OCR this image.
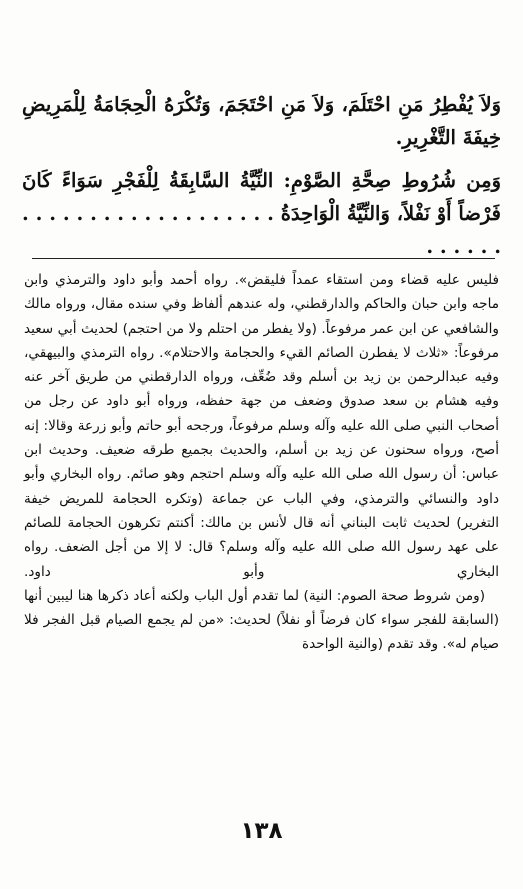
وَلاَ يُفْطِرُ مَنِ احْتَلَمَ، وَلاَ مَنِ احْتَجَمَ، وَتُكْرَهُ الْحِجَامَةُ لِلْمَرِيضِ خِيفَةَ التَّغْرِيرِ.

وَمِن شُرُوطِ صِحَّةِ الصَّوْمِ: النِّيَّةُ السَّابِقَةُ لِلْفَجْرِ سَوَاءً كَانَ فَرْضاً أَوْ نَفْلاً، وَالنِّيَّةُ الْوَاحِدَةُ . . . . . . . . . . . . . . . . . . . . . . . . .

فليس عليه قضاء ومن استقاء عمداً فليقض». رواه أحمد وأبو داود والترمذي وابن ماجه وابن حبان والحاكم والدارقطني، وله عندهم ألفاظ وفي سنده مقال، ورواه مالك والشافعي عن ابن عمر مرفوعاً. (ولا يفطر من احتلم ولا من احتجم) لحديث أبي سعيد مرفوعاً: «ثلاث لا يفطرن الصائم القيء والحجامة والاحتلام». رواه الترمذي والبيهقي، وفيه عبدالرحمن بن زيد بن أسلم وقد ضُعِّف، ورواه الدارقطني من طريق آخر عنه وفيه هشام بن سعد صدوق وضعف من جهة حفظه، ورواه أبو داود عن رجل من أصحاب النبي صلى الله عليه وآله وسلم مرفوعاً، ورجحه أبو حاتم وأبو زرعة وقالا: إنه أصح، ورواه سحنون عن زيد بن أسلم، والحديث بجميع طرقه ضعيف. وحديث ابن عباس: أن رسول الله صلى الله عليه وآله وسلم احتجم وهو صائم. رواه البخاري وأبو داود والنسائي والترمذي، وفي الباب عن جماعة (وتكره الحجامة للمريض خيفة التغرير) لحديث ثابت البناني أنه قال لأنس بن مالك: أكنتم تكرهون الحجامة للصائم على عهد رسول الله صلى الله عليه وآله وسلم؟ قال: لا إلا من أجل الضعف. رواه البخاري وأبو داود.

(ومن شروط صحة الصوم: النية) لما تقدم أول الباب ولكنه أعاد ذكرها هنا ليبين أنها (السابقة للفجر سواء كان فرضاً أو نفلاً) لحديث: «من لم يجمع الصيام قبل الفجر فلا صيام له». وقد تقدم (والنية الواحدة

١٣٨
